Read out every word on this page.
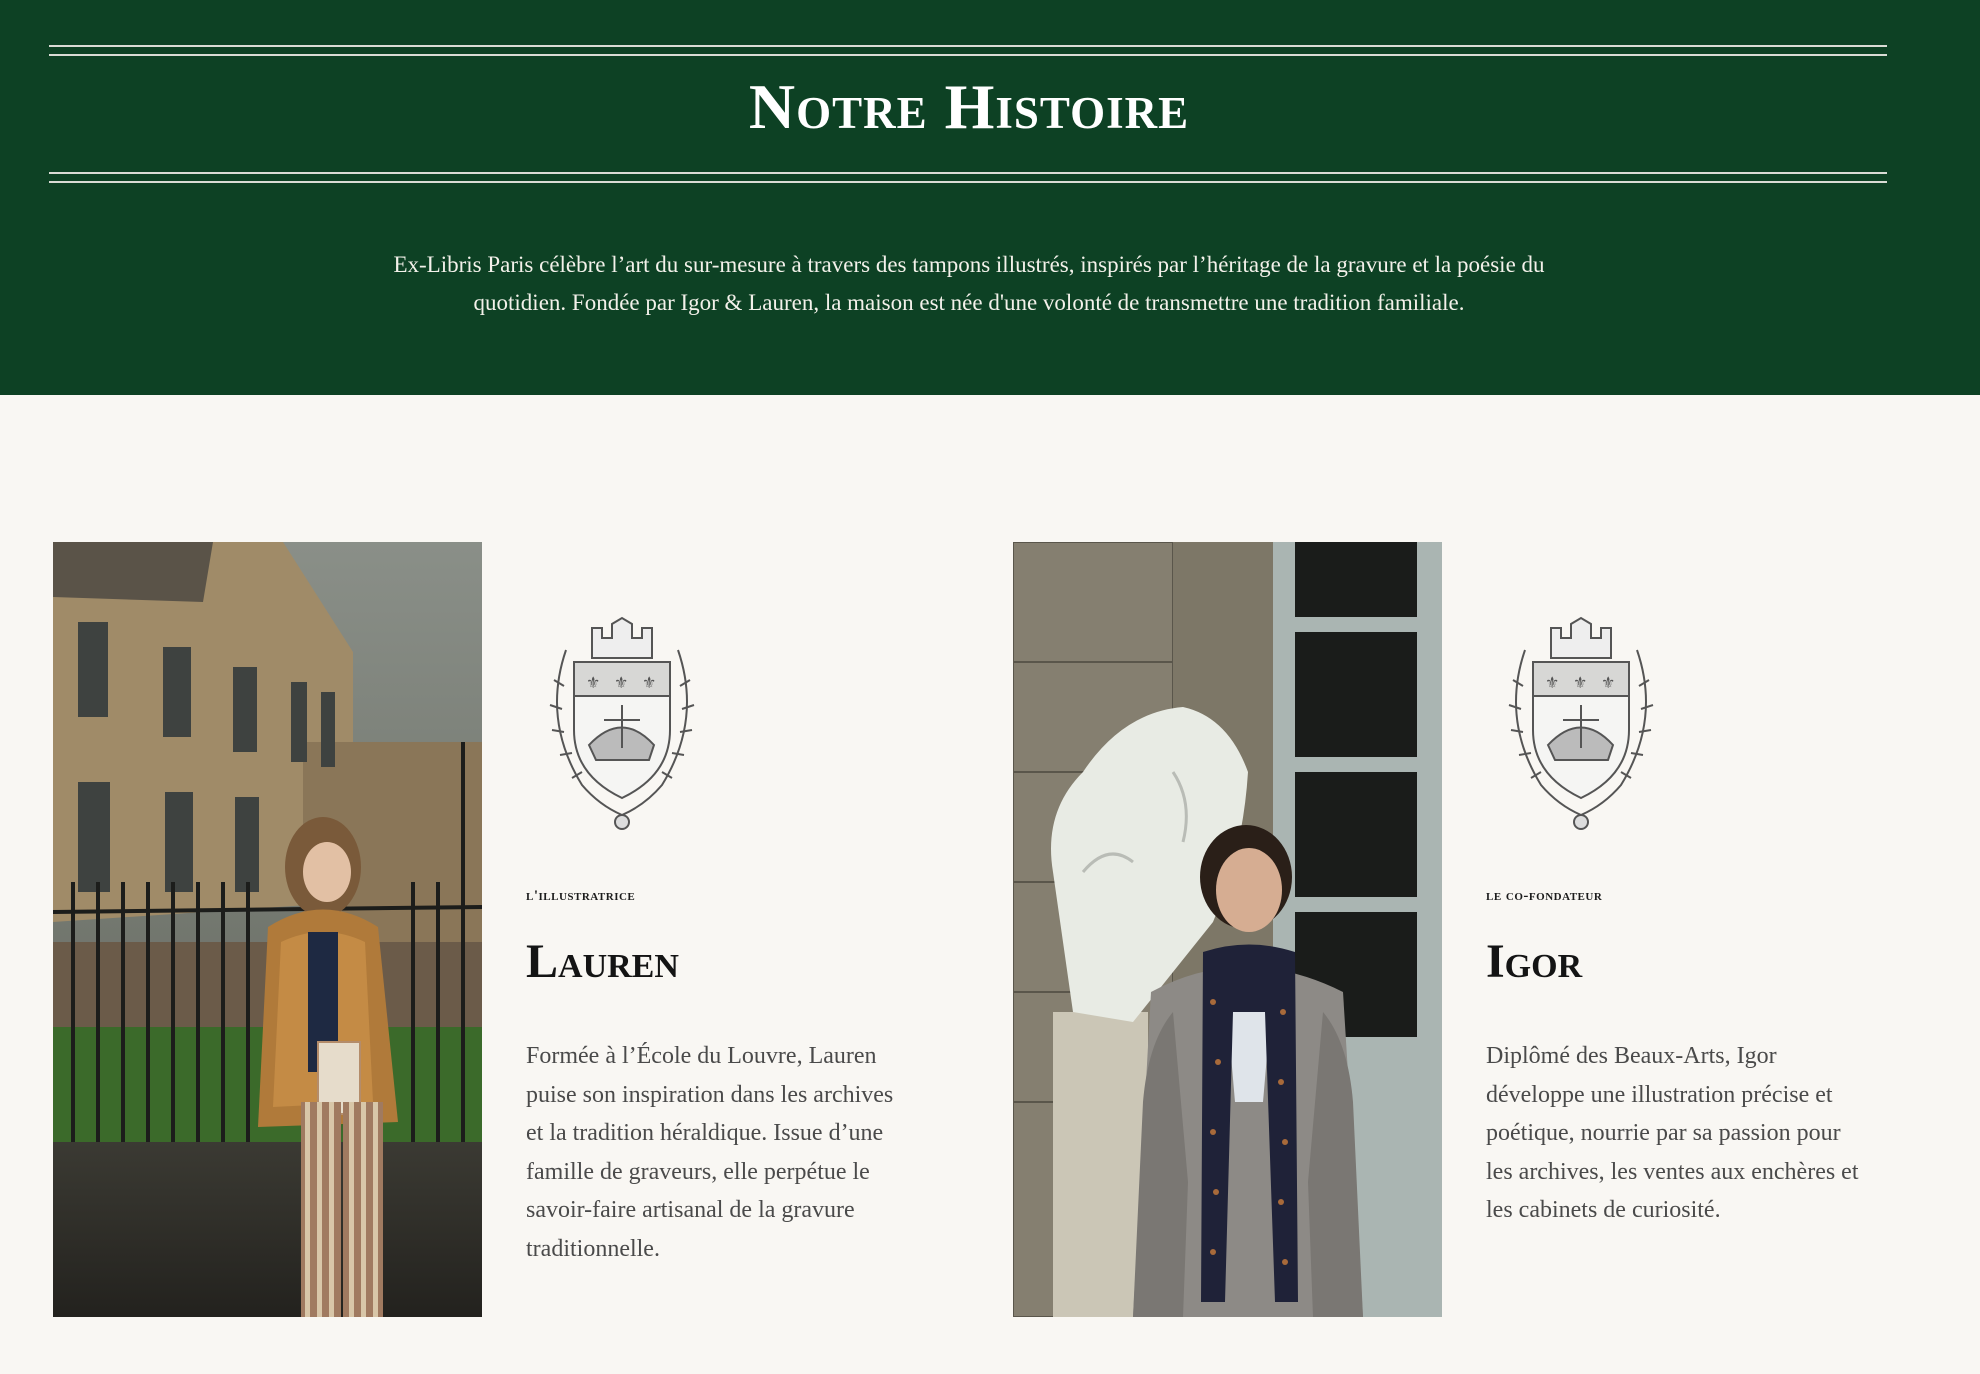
Notre Histoire

Ex-Libris Paris célèbre l’art du sur-mesure à travers des tampons illustrés, inspirés par l’héritage de la gravure et la poésie du quotidien. Fondée par Igor & Lauren, la maison est née d'une volonté de transmettre une tradition familiale.

⚜ ⚜ ⚜

l'illustratrice

Lauren

Formée à l’École du Louvre, Lauren puise son inspiration dans les archives et la tradition héraldique. Issue d’une famille de graveurs, elle perpétue le savoir-faire artisanal de la gravure traditionnelle.

⚜ ⚜ ⚜

le co-fondateur

Igor

Diplômé des Beaux-Arts, Igor développe une illustration précise et poétique, nourrie par sa passion pour les archives, les ventes aux enchères et les cabinets de curiosité.
